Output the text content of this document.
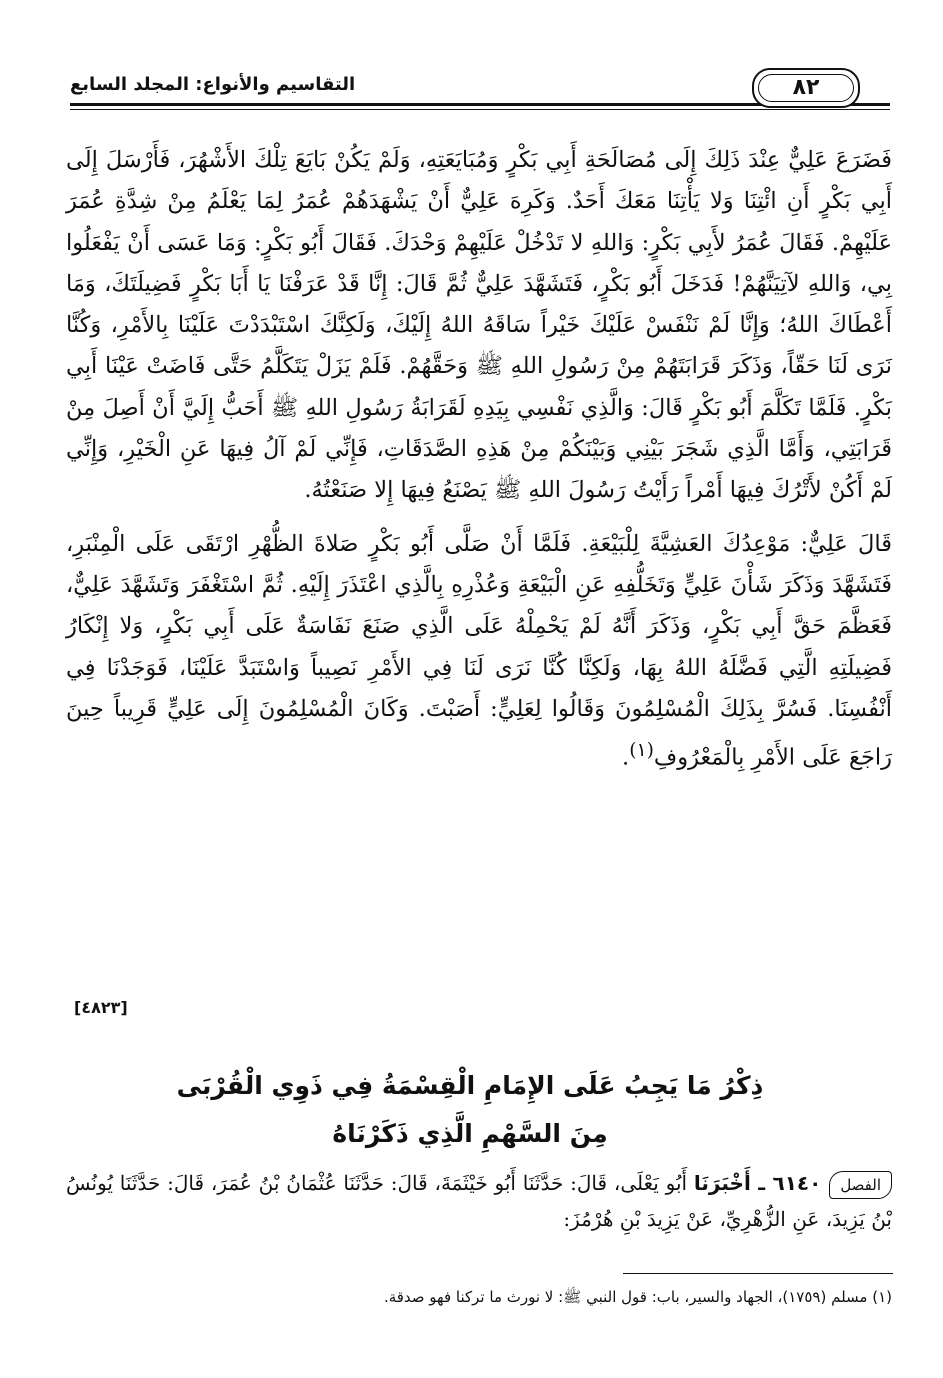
التقاسيم والأنواع: المجلد السابع	٨٢

فَضَرَعَ عَلِيٌّ عِنْدَ ذَلِكَ إِلَى مُصَالَحَةِ أَبِي بَكْرٍ وَمُبَايَعَتِهِ، وَلَمْ يَكُنْ بَايَعَ تِلْكَ الأَشْهُرَ، فَأَرْسَلَ إِلَى أَبِي بَكْرٍ أَنِ ائْتِنَا وَلا يَأْتِنَا مَعَكَ أَحَدٌ. وَكَرِهَ عَلِيٌّ أَنْ يَشْهَدَهُمْ عُمَرُ لِمَا يَعْلَمُ مِنْ شِدَّةِ عُمَرَ عَلَيْهِمْ. فَقَالَ عُمَرُ لأَبِي بَكْرٍ: وَاللهِ لا تَدْخُلْ عَلَيْهِمْ وَحْدَكَ. فَقَالَ أَبُو بَكْرٍ: وَمَا عَسَى أَنْ يَفْعَلُوا بِي، وَاللهِ لآتِيَنَّهُمْ! فَدَخَلَ أَبُو بَكْرٍ، فَتَشَهَّدَ عَلِيٌّ ثُمَّ قَالَ: إِنَّا قَدْ عَرَفْنَا يَا أَبَا بَكْرٍ فَضِيلَتَكَ، وَمَا أَعْطَاكَ اللهُ؛ وَإِنَّا لَمْ نَنْفَسْ عَلَيْكَ خَيْراً سَاقَهُ اللهُ إِلَيْكَ، وَلَكِنَّكَ اسْتَبْدَدْتَ عَلَيْنَا بِالأَمْرِ، وَكُنَّا نَرَى لَنَا حَقّاً، وَذَكَرَ قَرَابَتَهُمْ مِنْ رَسُولِ اللهِ ﷺ وَحَقَّهُمْ. فَلَمْ يَزَلْ يَتَكَلَّمُ حَتَّى فَاضَتْ عَيْنَا أَبِي بَكْرٍ. فَلَمَّا تَكَلَّمَ أَبُو بَكْرٍ قَالَ: وَالَّذِي نَفْسِي بِيَدِهِ لَقَرَابَةُ رَسُولِ اللهِ ﷺ أَحَبُّ إِلَيَّ أَنْ أَصِلَ مِنْ قَرَابَتِي، وَأَمَّا الَّذِي شَجَرَ بَيْنِي وَبَيْنَكُمْ مِنْ هَذِهِ الصَّدَقَاتِ، فَإِنِّي لَمْ آلُ فِيهَا عَنِ الْخَيْرِ، وَإِنِّي لَمْ أَكُنْ لأَتْرُكَ فِيهَا أَمْراً رَأَيْتُ رَسُولَ اللهِ ﷺ يَصْنَعُ فِيهَا إِلا صَنَعْتُهُ.

قَالَ عَلِيٌّ: مَوْعِدُكَ العَشِيَّةَ لِلْبَيْعَةِ. فَلَمَّا أَنْ صَلَّى أَبُو بَكْرٍ صَلاةَ الظُّهْرِ ارْتَقَى عَلَى الْمِنْبَرِ، فَتَشَهَّدَ وَذَكَرَ شَأْنَ عَلِيٍّ وَتَخَلُّفِهِ عَنِ الْبَيْعَةِ وَعُذْرِهِ بِالَّذِي اعْتَذَرَ إِلَيْهِ. ثُمَّ اسْتَغْفَرَ وَتَشَهَّدَ عَلِيٌّ، فَعَظَّمَ حَقَّ أَبِي بَكْرٍ، وَذَكَرَ أَنَّهُ لَمْ يَحْمِلْهُ عَلَى الَّذِي صَنَعَ نَفَاسَةٌ عَلَى أَبِي بَكْرٍ، وَلا إِنْكَارُ فَضِيلَتِهِ الَّتِي فَضَّلَهُ اللهُ بِهَا، وَلَكِنَّا كُنَّا نَرَى لَنَا فِي الأَمْرِ نَصِيباً وَاسْتَبَدَّ عَلَيْنَا، فَوَجَدْنَا فِي أَنْفُسِنَا. فَسُرَّ بِذَلِكَ الْمُسْلِمُونَ وَقَالُوا لِعَلِيٍّ: أَصَبْتَ. وَكَانَ الْمُسْلِمُونَ إِلَى عَلِيٍّ قَرِيباً حِينَ رَاجَعَ عَلَى الأَمْرِ بِالْمَعْرُوفِ$^{(١)}$.

[٤٨٢٣]
ذِكْرُ مَا يَجِبُ عَلَى الإِمَامِ الْقِسْمَةُ فِي ذَوِي الْقُرْبَى
مِنَ السَّهْمِ الَّذِي ذَكَرْنَاهُ
الفصل٦١٤٠ ـ أَخْبَرَنَا أَبُو يَعْلَى، قَالَ: حَدَّثَنَا أَبُو خَيْثَمَةَ، قَالَ: حَدَّثَنَا عُثْمَانُ بْنُ عُمَرَ، قَالَ: حَدَّثَنَا يُونُسُ بْنُ يَزِيدَ، عَنِ الزُّهْرِيِّ، عَنْ يَزِيدَ بْنِ هُرْمُزَ:
(١) مسلم (١٧٥٩)، الجهاد والسير، باب: قول النبي ﷺ: لا نورث ما تركنا فهو صدقة.
